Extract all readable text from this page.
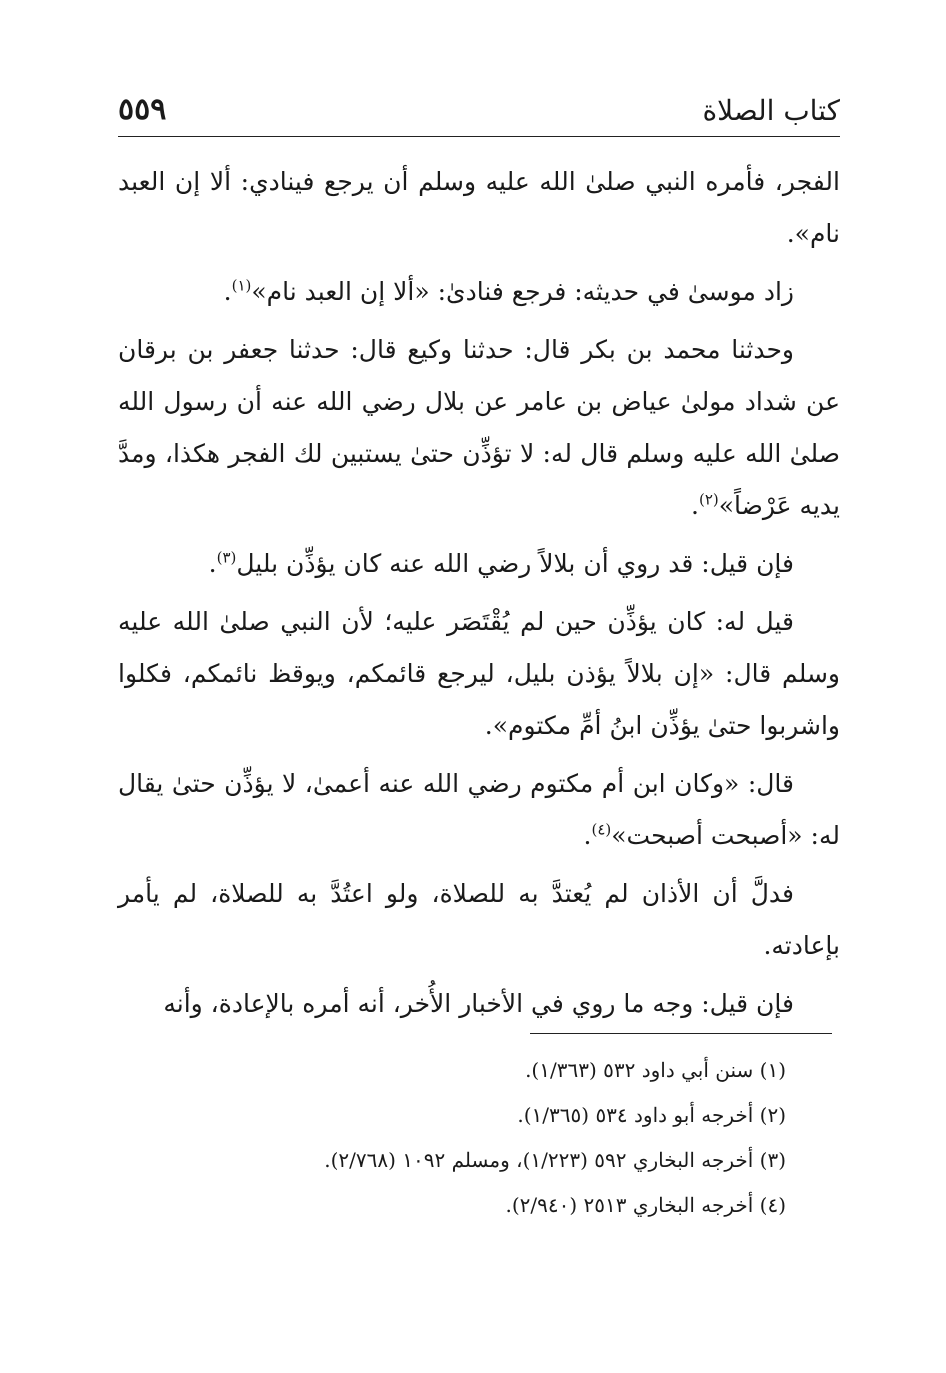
كتاب الصلاة
٥٥٩

الفجر، فأمره النبي صلىٰ الله عليه وسلم أن يرجع فينادي: ألا إن العبد نام».

زاد موسىٰ في حديثه: فرجع فنادىٰ: «ألا إن العبد نام»$^{(١)}$.

وحدثنا محمد بن بكر قال: حدثنا وكيع قال: حدثنا جعفر بن برقان عن شداد مولىٰ عياض بن عامر عن بلال رضي الله عنه أن رسول الله صلىٰ الله عليه وسلم قال له: لا تؤذِّن حتىٰ يستبين لك الفجر هكذا، ومدَّ يديه عَرْضاً»$^{(٢)}$.

فإن قيل: قد روي أن بلالاً رضي الله عنه كان يؤذِّن بليل$^{(٣)}$.

قيل له: كان يؤذِّن حين لم يُقْتَصَر عليه؛ لأن النبي صلىٰ الله عليه وسلم قال: «إن بلالاً يؤذن بليل، ليرجع قائمكم، ويوقظ نائمكم، فكلوا واشربوا حتىٰ يؤذِّن ابنُ أمِّ مكتوم».

قال: «وكان ابن أم مكتوم رضي الله عنه أعمىٰ، لا يؤذِّن حتىٰ يقال له: «أصبحت أصبحت»$^{(٤)}$.

فدلَّ أن الأذان لم يُعتدَّ به للصلاة، ولو اعتُدَّ به للصلاة، لم يأمر بإعادته.

فإن قيل: وجه ما روي في الأخبار الأُخر، أنه أمره بالإعادة، وأنه

(١) سنن أبي داود ٥٣٢ (١/٣٦٣).
(٢) أخرجه أبو داود ٥٣٤ (١/٣٦٥).
(٣) أخرجه البخاري ٥٩٢ (١/٢٢٣)، ومسلم ١٠٩٢ (٢/٧٦٨).
(٤) أخرجه البخاري ٢٥١٣ (٢/٩٤٠).
